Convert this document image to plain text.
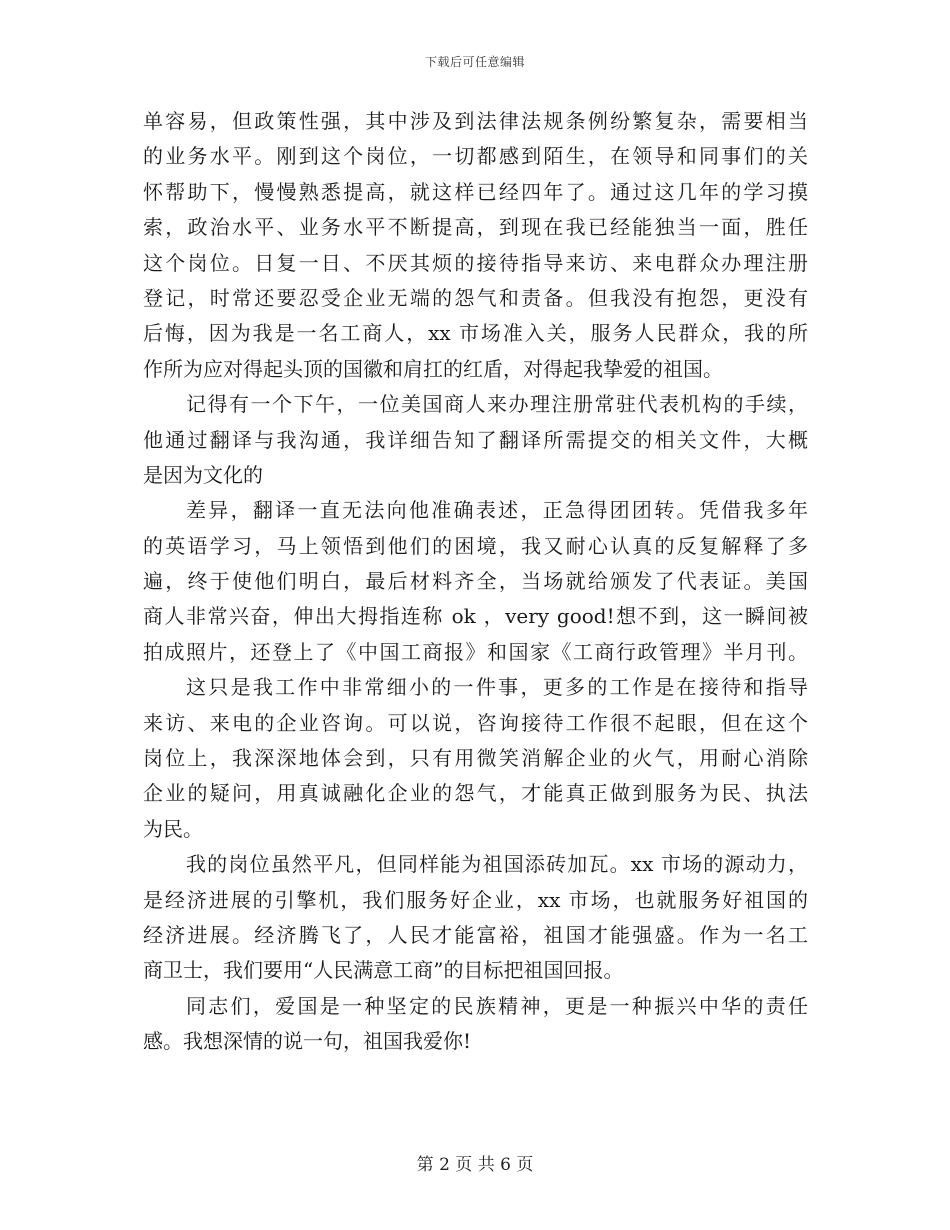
下载后可任意编辑
单容易，但政策性强，其中涉及到法律法规条例纷繁复杂，需要相当
的业务水平。刚到这个岗位，一切都感到陌生，在领导和同事们的关
怀帮助下，慢慢熟悉提高，就这样已经四年了。通过这几年的学习摸
索，政治水平、业务水平不断提高，到现在我已经能独当一面，胜任
这个岗位。日复一日、不厌其烦的接待指导来访、来电群众办理注册
登记，时常还要忍受企业无端的怨气和责备。但我没有抱怨，更没有
后悔，因为我是一名工商人，xx 市场准入关，服务人民群众，我的所
作所为应对得起头顶的国徽和肩扛的红盾，对得起我挚爱的祖国。
记得有一个下午，一位美国商人来办理注册常驻代表机构的手续，
他通过翻译与我沟通，我详细告知了翻译所需提交的相关文件，大概
是因为文化的
差异，翻译一直无法向他准确表述，正急得团团转。凭借我多年
的英语学习，马上领悟到他们的困境，我又耐心认真的反复解释了多
遍，终于使他们明白，最后材料齐全，当场就给颁发了代表证。美国
商人非常兴奋，伸出大拇指连称 ok ，very good!想不到，这一瞬间被
拍成照片，还登上了《中国工商报》和国家《工商行政管理》半月刊。
这只是我工作中非常细小的一件事，更多的工作是在接待和指导
来访、来电的企业咨询。可以说，咨询接待工作很不起眼，但在这个
岗位上，我深深地体会到，只有用微笑消解企业的火气，用耐心消除
企业的疑问，用真诚融化企业的怨气，才能真正做到服务为民、执法
为民。
我的岗位虽然平凡，但同样能为祖国添砖加瓦。xx 市场的源动力，
是经济进展的引擎机，我们服务好企业，xx 市场，也就服务好祖国的
经济进展。经济腾飞了，人民才能富裕，祖国才能强盛。作为一名工
商卫士，我们要用“人民满意工商”的目标把祖国回报。
同志们，爱国是一种坚定的民族精神，更是一种振兴中华的责任
感。我想深情的说一句，祖国我爱你!
第 2 页 共 6 页
